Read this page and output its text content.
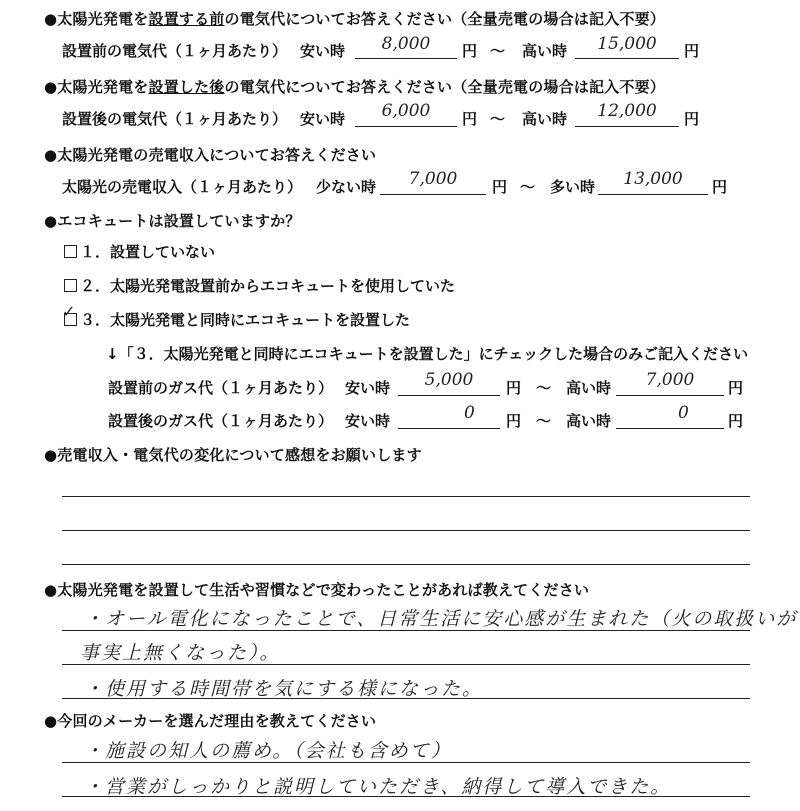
●太陽光発電を設置する前の電気代についてお答えください（全量売電の場合は記入不要）
設置前の電気代（１ヶ月あたり） 安い時	8,000	円 〜 高い時	15,000	円
●太陽光発電を設置した後の電気代についてお答えください（全量売電の場合は記入不要）
設置後の電気代（１ヶ月あたり） 安い時	6,000	円 〜 高い時	12,000	円
●太陽光発電の売電収入についてお答えください
太陽光の売電収入（１ヶ月あたり） 少ない時	7,000	円 〜 多い時	13,000	円
●エコキュートは設置していますか？
１．設置していない
２．太陽光発電設置前からエコキュートを使用していた
✓ ３．太陽光発電と同時にエコキュートを設置した
↓「３．太陽光発電と同時にエコキュートを設置した」にチェックした場合のみご記入ください
設置前のガス代（１ヶ月あたり） 安い時	5,000	円 〜 高い時	7,000	円
設置後のガス代（１ヶ月あたり） 安い時	0	円 〜 高い時	0	円
●売電収入・電気代の変化について感想をお願いします
●太陽光発電を設置して生活や習慣などで変わったことがあれば教えてください
・オール電化になったことで、日常生活に安心感が生まれた（火の取扱いが
事実上無くなった）。
・使用する時間帯を気にする様になった。
●今回のメーカーを選んだ理由を教えてください
・施設の知人の薦め。（会社も含めて）
・営業がしっかりと説明していただき、納得して導入できた。
